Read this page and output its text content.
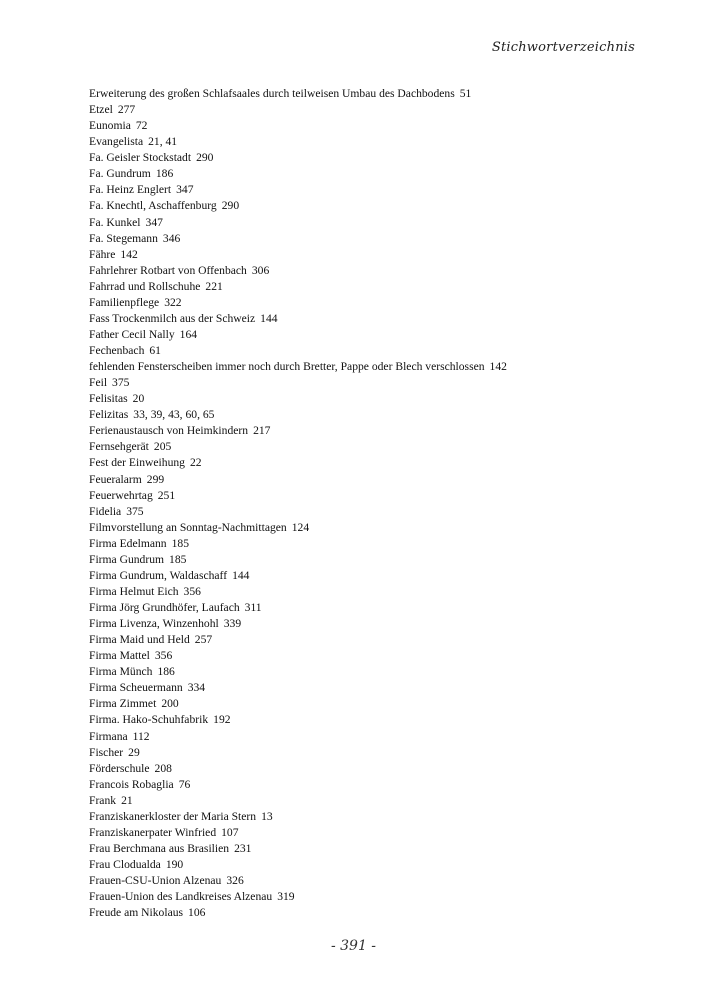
Stichwortverzeichnis
Erweiterung des großen Schlafsaales durch teilweisen Umbau des Dachbodens 51
Etzel 277
Eunomia 72
Evangelista 21, 41
Fa. Geisler Stockstadt 290
Fa. Gundrum 186
Fa. Heinz Englert 347
Fa. Knechtl, Aschaffenburg 290
Fa. Kunkel 347
Fa. Stegemann 346
Fähre 142
Fahrlehrer Rotbart von Offenbach 306
Fahrrad und Rollschuhe 221
Familienpflege 322
Fass Trockenmilch aus der Schweiz 144
Father Cecil Nally 164
Fechenbach 61
fehlenden Fensterscheiben immer noch durch Bretter, Pappe oder Blech verschlossen 142
Feil 375
Felisitas 20
Felizitas 33, 39, 43, 60, 65
Ferienaustausch von Heimkindern 217
Fernsehgerät 205
Fest der Einweihung 22
Feueralarm 299
Feuerwehrtag 251
Fidelia 375
Filmvorstellung an Sonntag-Nachmittagen 124
Firma Edelmann 185
Firma Gundrum 185
Firma Gundrum, Waldaschaff 144
Firma Helmut Eich 356
Firma Jörg Grundhöfer, Laufach 311
Firma Livenza, Winzenhohl 339
Firma Maid und Held 257
Firma Mattel 356
Firma Münch 186
Firma Scheuermann 334
Firma Zimmet 200
Firma. Hako-Schuhfabrik 192
Firmana 112
Fischer 29
Förderschule 208
Francois Robaglia 76
Frank 21
Franziskanerkloster der Maria Stern 13
Franziskanerpater Winfried 107
Frau Berchmana aus Brasilien 231
Frau Clodualda 190
Frauen-CSU-Union Alzenau 326
Frauen-Union des Landkreises Alzenau 319
Freude am Nikolaus 106
- 391 -
